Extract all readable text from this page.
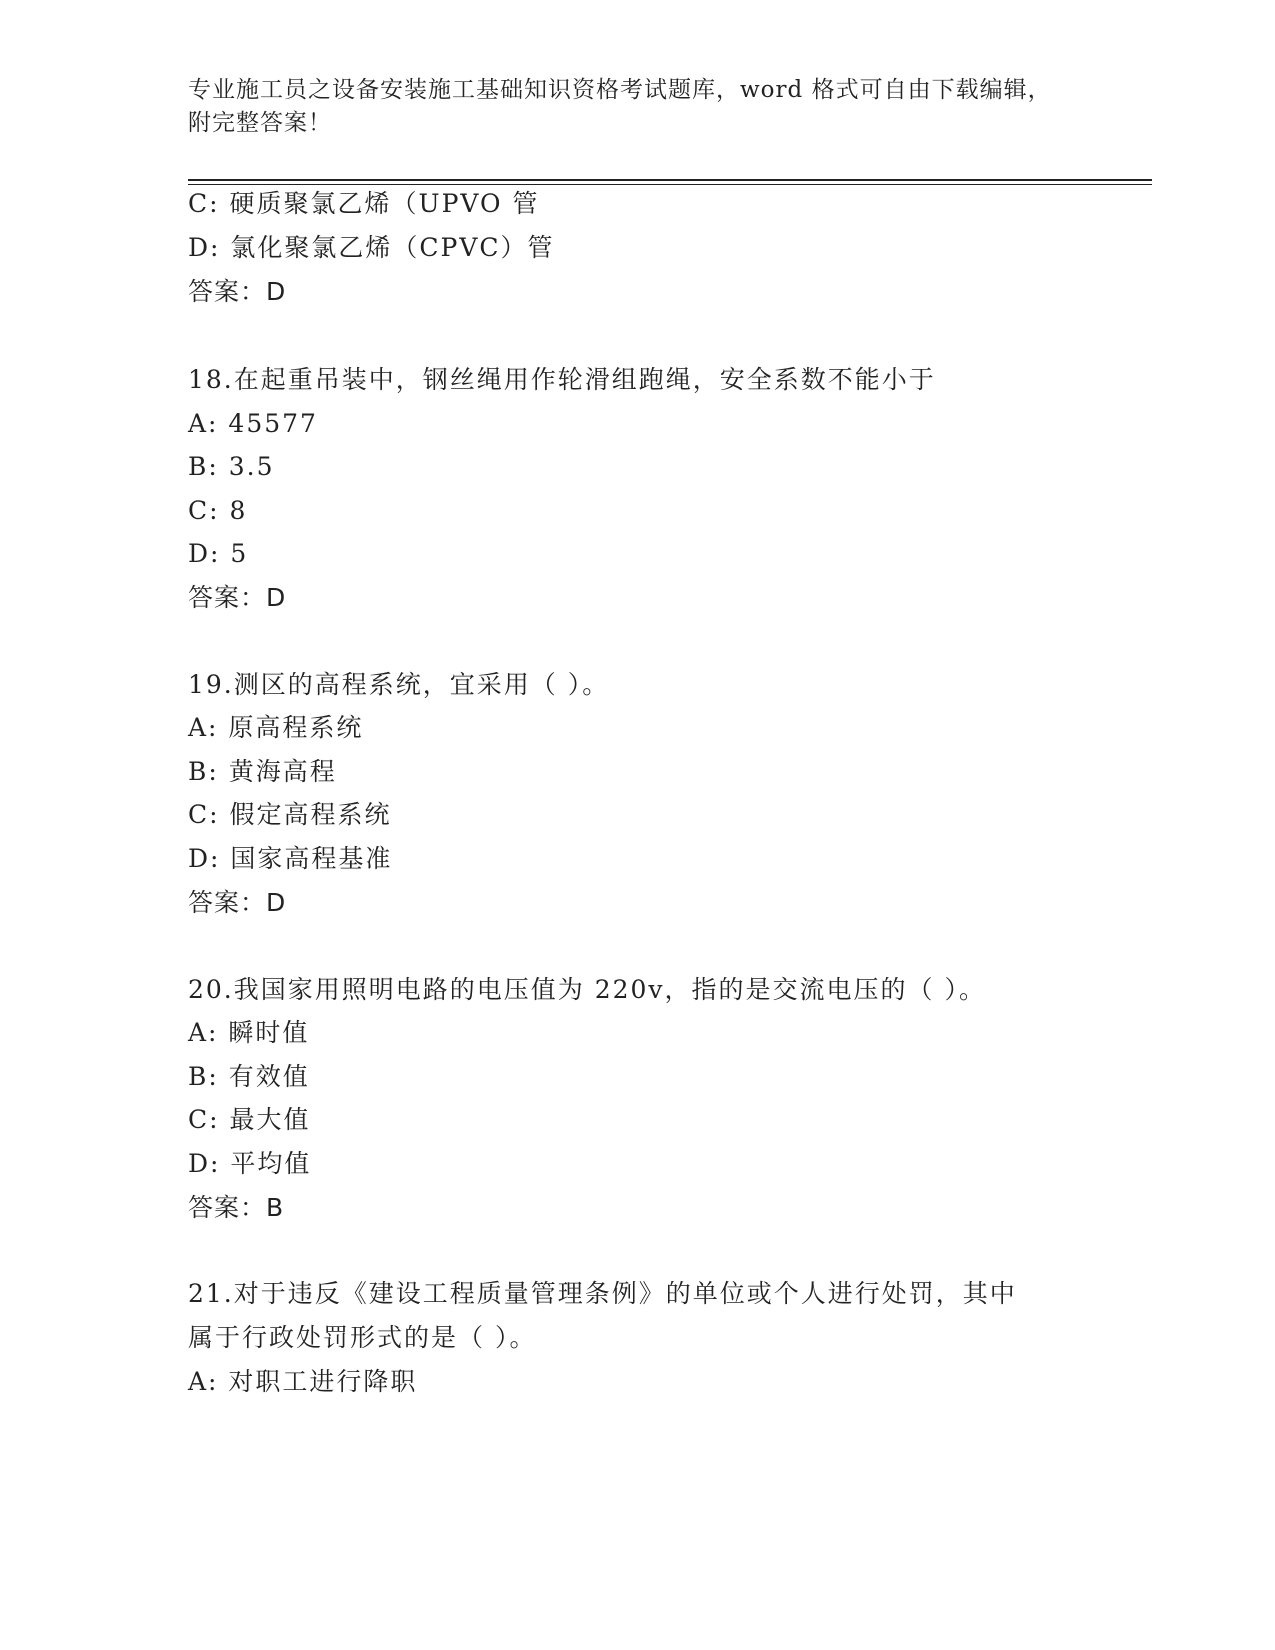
专业施工员之设备安装施工基础知识资格考试题库，word 格式可自由下载编辑，
附完整答案！
C: 硬质聚氯乙烯（UPVO 管
D: 氯化聚氯乙烯（CPVC）管
答案：D
18.在起重吊装中，钢丝绳用作轮滑组跑绳，安全系数不能小于
A: 45577
B: 3.5
C: 8
D: 5
答案：D
19.测区的高程系统，宜采用（ ）。
A: 原高程系统
B: 黄海高程
C: 假定高程系统
D: 国家高程基准
答案：D
20.我国家用照明电路的电压值为 220v，指的是交流电压的（ ）。
A: 瞬时值
B: 有效值
C: 最大值
D: 平均值
答案：B
21.对于违反《建设工程质量管理条例》的单位或个人进行处罚，其中
属于行政处罚形式的是（ ）。
A: 对职工进行降职
